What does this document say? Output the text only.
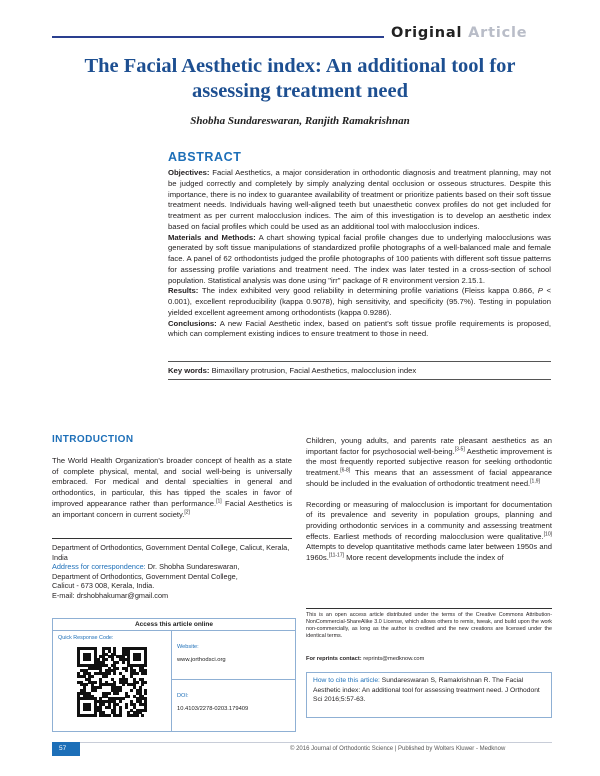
Original Article
The Facial Aesthetic index: An additional tool for
assessing treatment need
Shobha Sundareswaran, Ranjith Ramakrishnan
ABSTRACT

Objectives: Facial Aesthetics, a major consideration in orthodontic diagnosis and treatment planning, may not be judged correctly and completely by simply analyzing dental occlusion or osseous structures. Despite this importance, there is no index to guarantee availability of treatment or prioritize patients based on their soft tissue treatment needs. Individuals having well-aligned teeth but unaesthetic convex profiles do not get included for treatment as per current malocclusion indices. The aim of this investigation is to develop an aesthetic index based on facial profiles which could be used as an additional tool with malocclusion indices.

Materials and Methods: A chart showing typical facial profile changes due to underlying malocclusions was generated by soft tissue manipulations of standardized profile photographs of a well-balanced male and female face. A panel of 62 orthodontists judged the profile photographs of 100 patients with different soft tissue patterns for assessing profile variations and treatment need. The index was later tested in a cross-section of school population. Statistical analysis was done using "irr" package of R environment version 2.15.1.

Results: The index exhibited very good reliability in determining profile variations (Fleiss kappa 0.866, P < 0.001), excellent reproducibility (kappa 0.9078), high sensitivity, and specificity (95.7%). Testing in population yielded excellent agreement among orthodontists (kappa 0.9286).

Conclusions: A new Facial Aesthetic index, based on patient's soft tissue profile requirements is proposed, which can complement existing indices to ensure treatment to those in need.

Key words: Bimaxillary protrusion, Facial Aesthetics, malocclusion index
INTRODUCTION

The World Health Organization's broader concept of health as a state of complete physical, mental, and social well-being is universally embraced. For medical and dental specialties in general and orthodontics, in particular, this has tipped the scales in favor of improved appearance rather than performance.[1] Facial Aesthetics is an important concern in current society.[2]

Children, young adults, and parents rate pleasant aesthetics as an important factor for psychosocial well-being.[3-5] Aesthetic improvement is the most frequently reported subjective reason for seeking orthodontic treatment.[6-8] This means that an assessment of facial appearance should be included in the evaluation of orthodontic treatment need.[1,9]

Recording or measuring of malocclusion is important for documentation of its prevalence and severity in population groups, planning and providing orthodontic services in a community and assessing treatment effects. Earliest methods of recording malocclusion were qualitative.[10] Attempts to develop quantitative methods came later between 1950s and 1960s.[11-17] More recent developments include the index of

Department of Orthodontics, Government Dental College, Calicut, Kerala, India
Address for correspondence: Dr. Shobha Sundareswaran,
Department of Orthodontics, Government Dental College,
Calicut - 673 008, Kerala, India.
E-mail: drshobhakumar@gmail.com
Access this article online
Quick Response Code:
Website:
www.jorthodsci.org
DOI:
10.4103/2278-0203.179409
This is an open access article distributed under the terms of the Creative Commons Attribution-NonCommercial-ShareAlike 3.0 License, which allows others to remix, tweak, and build upon the work non-commercially, as long as the author is credited and the new creations are licensed under the identical terms.
For reprints contact: reprints@medknow.com
How to cite this article: Sundareswaran S, Ramakrishnan R. The Facial Aesthetic index: An additional tool for assessing treatment need. J Orthodont Sci 2016;5:57-63.
57	© 2016 Journal of Orthodontic Science | Published by Wolters Kluwer - Medknow
